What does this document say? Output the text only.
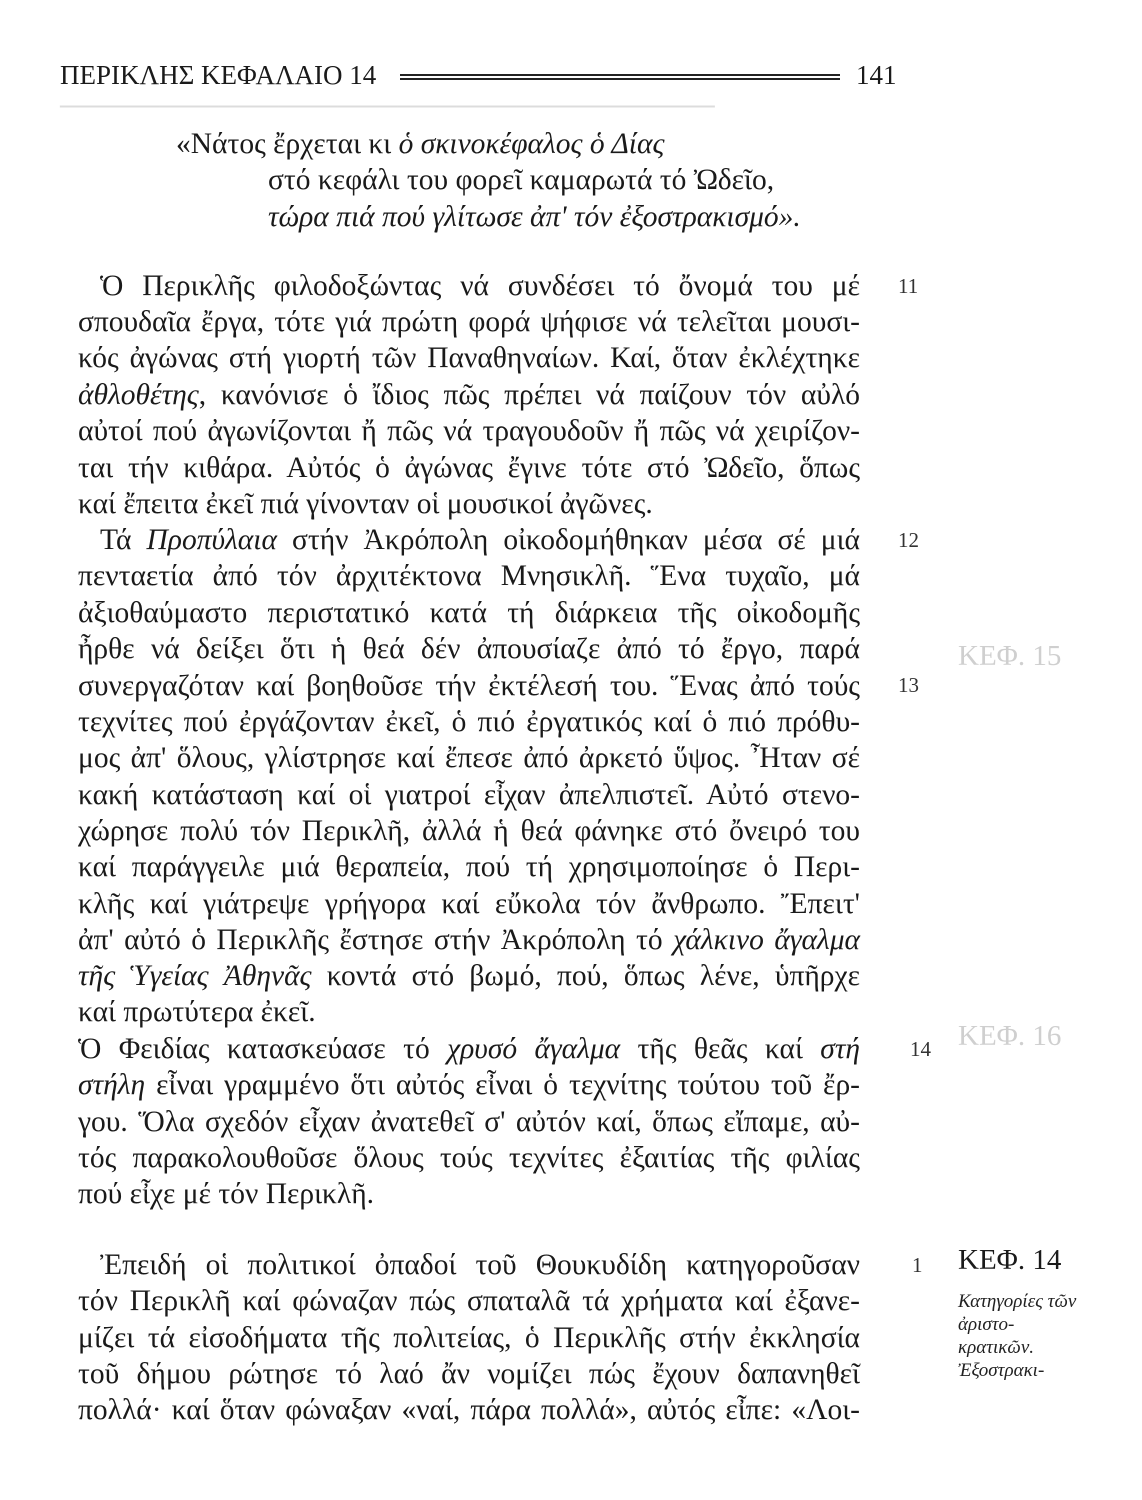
─────────────────────────────────
ΚΕΦ. 16
ΚΕΦ. 15
ΠΕΡΙΚΛΗΣ ΚΕΦΑΛΑΙΟ 14	141
«Νάτος ἔρχεται κι ὁ σκινοκέφαλος ὁ Δίας
στό κεφάλι του φορεῖ καμαρωτά τό Ὠδεῖο,
τώρα πιά πού γλίτωσε ἀπ' τόν ἐξοστρακισμό».
Ὁ Περικλῆς φιλοδοξώντας νά συνδέσει τό ὄνομά του μέ
σπουδαῖα ἔργα, τότε γιά πρώτη φορά ψήφισε νά τελεῖται μουσι-
κός ἀγώνας στή γιορτή τῶν Παναθηναίων. Καί, ὅταν ἐκλέχτηκε
ἀθλοθέτης, κανόνισε ὁ ἴδιος πῶς πρέπει νά παίζουν τόν αὐλό
αὐτοί πού ἀγωνίζονται ἤ πῶς νά τραγουδοῦν ἤ πῶς νά χειρίζον-
ται τήν κιθάρα. Αὐτός ὁ ἀγώνας ἔγινε τότε στό Ὠδεῖο, ὅπως
καί ἔπειτα ἐκεῖ πιά γίνονταν οἱ μουσικοί ἀγῶνες.
Τά Προπύλαια στήν Ἀκρόπολη οἰκοδομήθηκαν μέσα σέ μιά
πενταετία ἀπό τόν ἀρχιτέκτονα Μνησικλῆ. Ἕνα τυχαῖο, μά
ἀξιοθαύμαστο περιστατικό κατά τή διάρκεια τῆς οἰκοδομῆς
ἦρθε νά δείξει ὅτι ἡ θεά δέν ἀπουσίαζε ἀπό τό ἔργο, παρά
συνεργαζόταν καί βοηθοῦσε τήν ἐκτέλεσή του. Ἕνας ἀπό τούς
τεχνίτες πού ἐργάζονταν ἐκεῖ, ὁ πιό ἐργατικός καί ὁ πιό πρόθυ-
μος ἀπ' ὅλους, γλίστρησε καί ἔπεσε ἀπό ἀρκετό ὕψος. Ἦταν σέ
κακή κατάσταση καί οἱ γιατροί εἶχαν ἀπελπιστεῖ. Αὐτό στενο-
χώρησε πολύ τόν Περικλῆ, ἀλλά ἡ θεά φάνηκε στό ὄνειρό του
καί παράγγειλε μιά θεραπεία, πού τή χρησιμοποίησε ὁ Περι-
κλῆς καί γιάτρεψε γρήγορα καί εὔκολα τόν ἄνθρωπο. Ἔπειτ'
ἀπ' αὐτό ὁ Περικλῆς ἔστησε στήν Ἀκρόπολη τό χάλκινο ἄγαλμα
τῆς Ὑγείας Ἀθηνᾶς κοντά στό βωμό, πού, ὅπως λένε, ὑπῆρχε
καί πρωτύτερα ἐκεῖ.
Ὁ Φειδίας κατασκεύασε τό χρυσό ἄγαλμα τῆς θεᾶς καί στή
στήλη εἶναι γραμμένο ὅτι αὐτός εἶναι ὁ τεχνίτης τούτου τοῦ ἔρ-
γου. Ὅλα σχεδόν εἶχαν ἀνατεθεῖ σ' αὐτόν καί, ὅπως εἴπαμε, αὐ-
τός παρακολουθοῦσε ὅλους τούς τεχνίτες ἐξαιτίας τῆς φιλίας
πού εἶχε μέ τόν Περικλῆ.
Ἐπειδή οἱ πολιτικοί ὀπαδοί τοῦ Θουκυδίδη κατηγοροῦσαν
τόν Περικλῆ καί φώναζαν πώς σπαταλᾶ τά χρήματα καί ἐξανε-
μίζει τά εἰσοδήματα τῆς πολιτείας, ὁ Περικλῆς στήν ἐκκλησία
τοῦ δήμου ρώτησε τό λαό ἄν νομίζει πώς ἔχουν δαπανηθεῖ
πολλά· καί ὅταν φώναξαν «ναί, πάρα πολλά», αὐτός εἶπε: «Λοι-
11
12
13
14
1 ΚΕΦ. 14
Κατηγορίες τῶν ἀριστο- κρατικῶν. Ἐξοστρακι-
